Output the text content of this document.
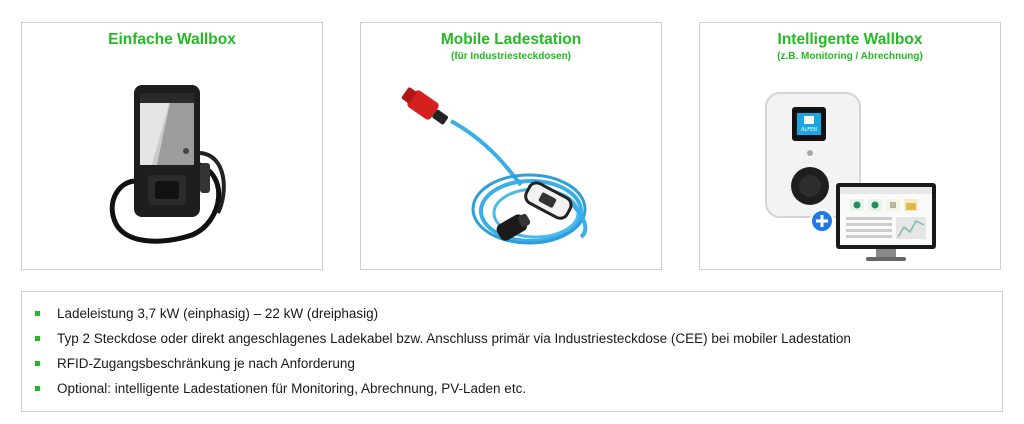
Einfache Wallbox	Mobile Ladestation
(für Industriesteckdosen)
Intelligente Wallbox
(z.B. Monitoring / Abrechnung)
ALFEN
Ladeleistung 3,7 kW (einphasig) – 22 kW (dreiphasig)
Typ 2 Steckdose oder direkt angeschlagenes Ladekabel bzw. Anschluss primär via Industriesteckdose (CEE) bei mobiler Ladestation
RFID-Zugangsbeschränkung je nach Anforderung
Optional: intelligente Ladestationen für Monitoring, Abrechnung, PV-Laden etc.
